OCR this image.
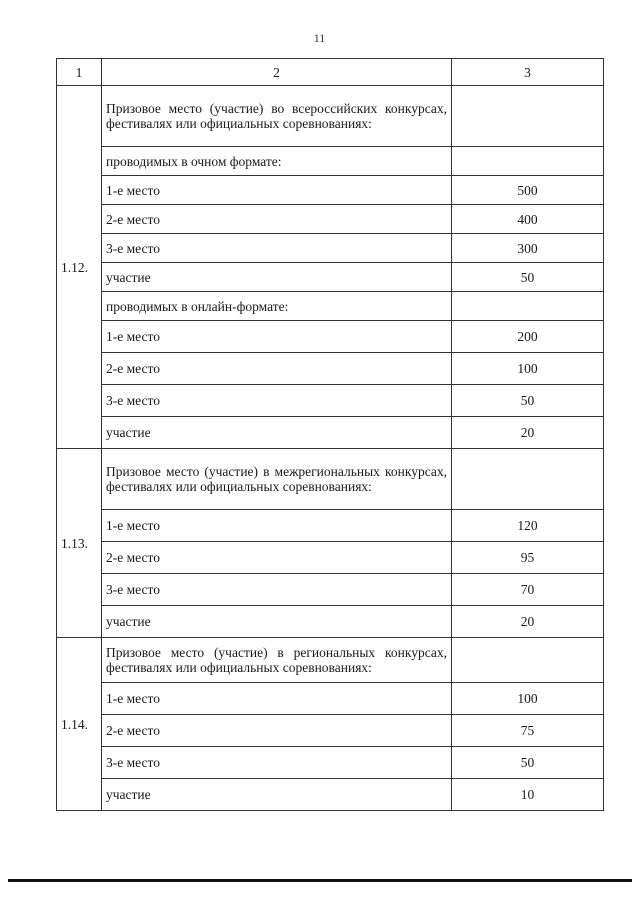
11
1	2	3
1.12.	Призовое место (участие) во всероссийских конкурсах, фестивалях или официальных соревнованиях:	
	проводимых в очном формате:	
	1-е место	500
	2-е место	400
	3-е место	300
	участие	50
	проводимых в онлайн-формате:	
	1-е место	200
	2-е место	100
	3-е место	50
	участие	20
1.13.	Призовое место (участие) в межрегиональных конкурсах, фестивалях или официальных соревнованиях:	
	1-е место	120
	2-е место	95
	3-е место	70
	участие	20
1.14.	Призовое место (участие) в региональных конкурсах, фестивалях или официальных соревнованиях:	
	1-е место	100
	2-е место	75
	3-е место	50
	участие	10
